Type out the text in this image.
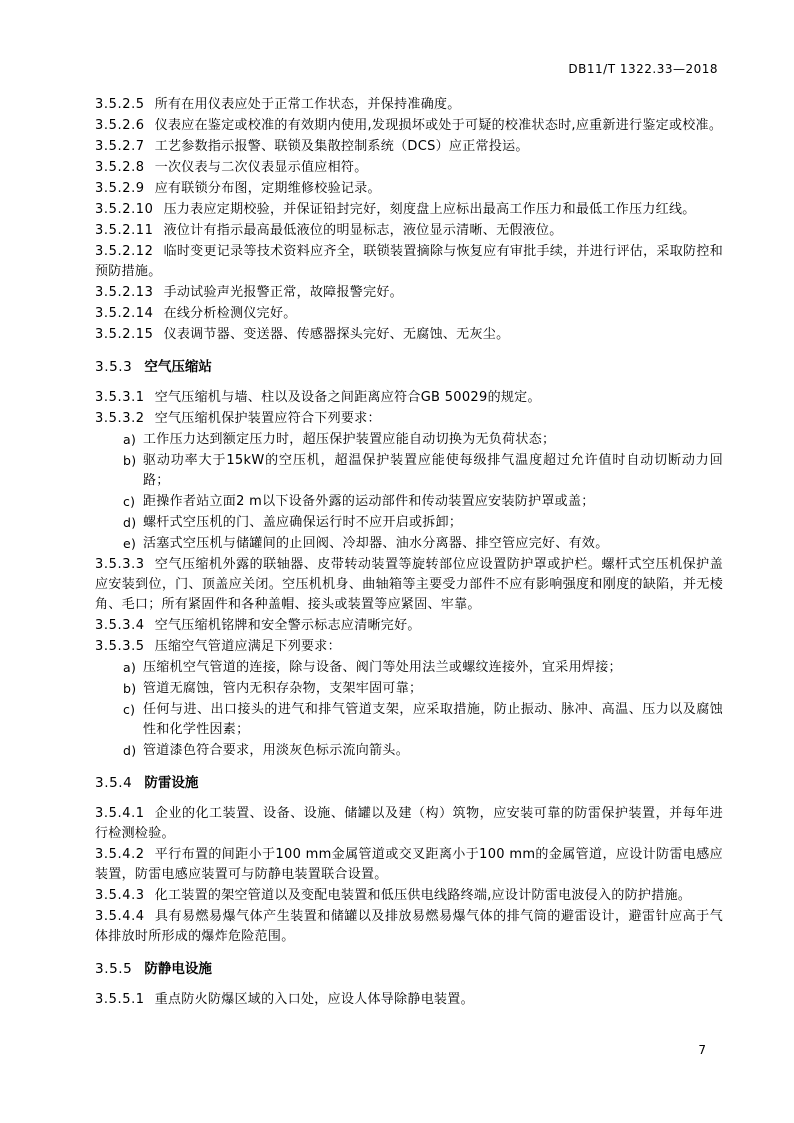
DB11/T 1322.33—2018
3.5.2.5 所有在用仪表应处于正常工作状态，并保持准确度。
3.5.2.6 仪表应在鉴定或校准的有效期内使用,发现损坏或处于可疑的校准状态时,应重新进行鉴定或校准。
3.5.2.7 工艺参数指示报警、联锁及集散控制系统（DCS）应正常投运。
3.5.2.8 一次仪表与二次仪表显示值应相符。
3.5.2.9 应有联锁分布图，定期维修校验记录。
3.5.2.10 压力表应定期校验，并保证铅封完好，刻度盘上应标出最高工作压力和最低工作压力红线。
3.5.2.11 液位计有指示最高最低液位的明显标志，液位显示清晰、无假液位。
3.5.2.12 临时变更记录等技术资料应齐全，联锁装置摘除与恢复应有审批手续，并进行评估，采取防控和预防措施。
3.5.2.13 手动试验声光报警正常，故障报警完好。
3.5.2.14 在线分析检测仪完好。
3.5.2.15 仪表调节器、变送器、传感器探头完好、无腐蚀、无灰尘。
3.5.3 空气压缩站
3.5.3.1 空气压缩机与墙、柱以及设备之间距离应符合GB 50029的规定。
3.5.3.2 空气压缩机保护装置应符合下列要求：
a) 工作压力达到额定压力时，超压保护装置应能自动切换为无负荷状态；
b) 驱动功率大于15kW的空压机，超温保护装置应能使每级排气温度超过允许值时自动切断动力回路；
c) 距操作者站立面2 m以下设备外露的运动部件和传动装置应安装防护罩或盖；
d) 螺杆式空压机的门、盖应确保运行时不应开启或拆卸；
e) 活塞式空压机与储罐间的止回阀、冷却器、油水分离器、排空管应完好、有效。
3.5.3.3 空气压缩机外露的联轴器、皮带转动装置等旋转部位应设置防护罩或护栏。螺杆式空压机保护盖应安装到位，门、顶盖应关闭。空压机机身、曲轴箱等主要受力部件不应有影响强度和刚度的缺陷，并无棱角、毛口；所有紧固件和各种盖帽、接头或装置等应紧固、牢靠。
3.5.3.4 空气压缩机铭牌和安全警示标志应清晰完好。
3.5.3.5 压缩空气管道应满足下列要求：
a) 压缩机空气管道的连接，除与设备、阀门等处用法兰或螺纹连接外，宜采用焊接；
b) 管道无腐蚀，管内无积存杂物，支架牢固可靠；
c) 任何与进、出口接头的进气和排气管道支架，应采取措施，防止振动、脉冲、高温、压力以及腐蚀性和化学性因素；
d) 管道漆色符合要求，用淡灰色标示流向箭头。
3.5.4 防雷设施
3.5.4.1 企业的化工装置、设备、设施、储罐以及建（构）筑物，应安装可靠的防雷保护装置，并每年进行检测检验。
3.5.4.2 平行布置的间距小于100 mm金属管道或交叉距离小于100 mm的金属管道，应设计防雷电感应装置，防雷电感应装置可与防静电装置联合设置。
3.5.4.3 化工装置的架空管道以及变配电装置和低压供电线路终端,应设计防雷电波侵入的防护措施。
3.5.4.4 具有易燃易爆气体产生装置和储罐以及排放易燃易爆气体的排气筒的避雷设计，避雷针应高于气体排放时所形成的爆炸危险范围。
3.5.5 防静电设施
3.5.5.1 重点防火防爆区域的入口处，应设人体导除静电装置。
7
